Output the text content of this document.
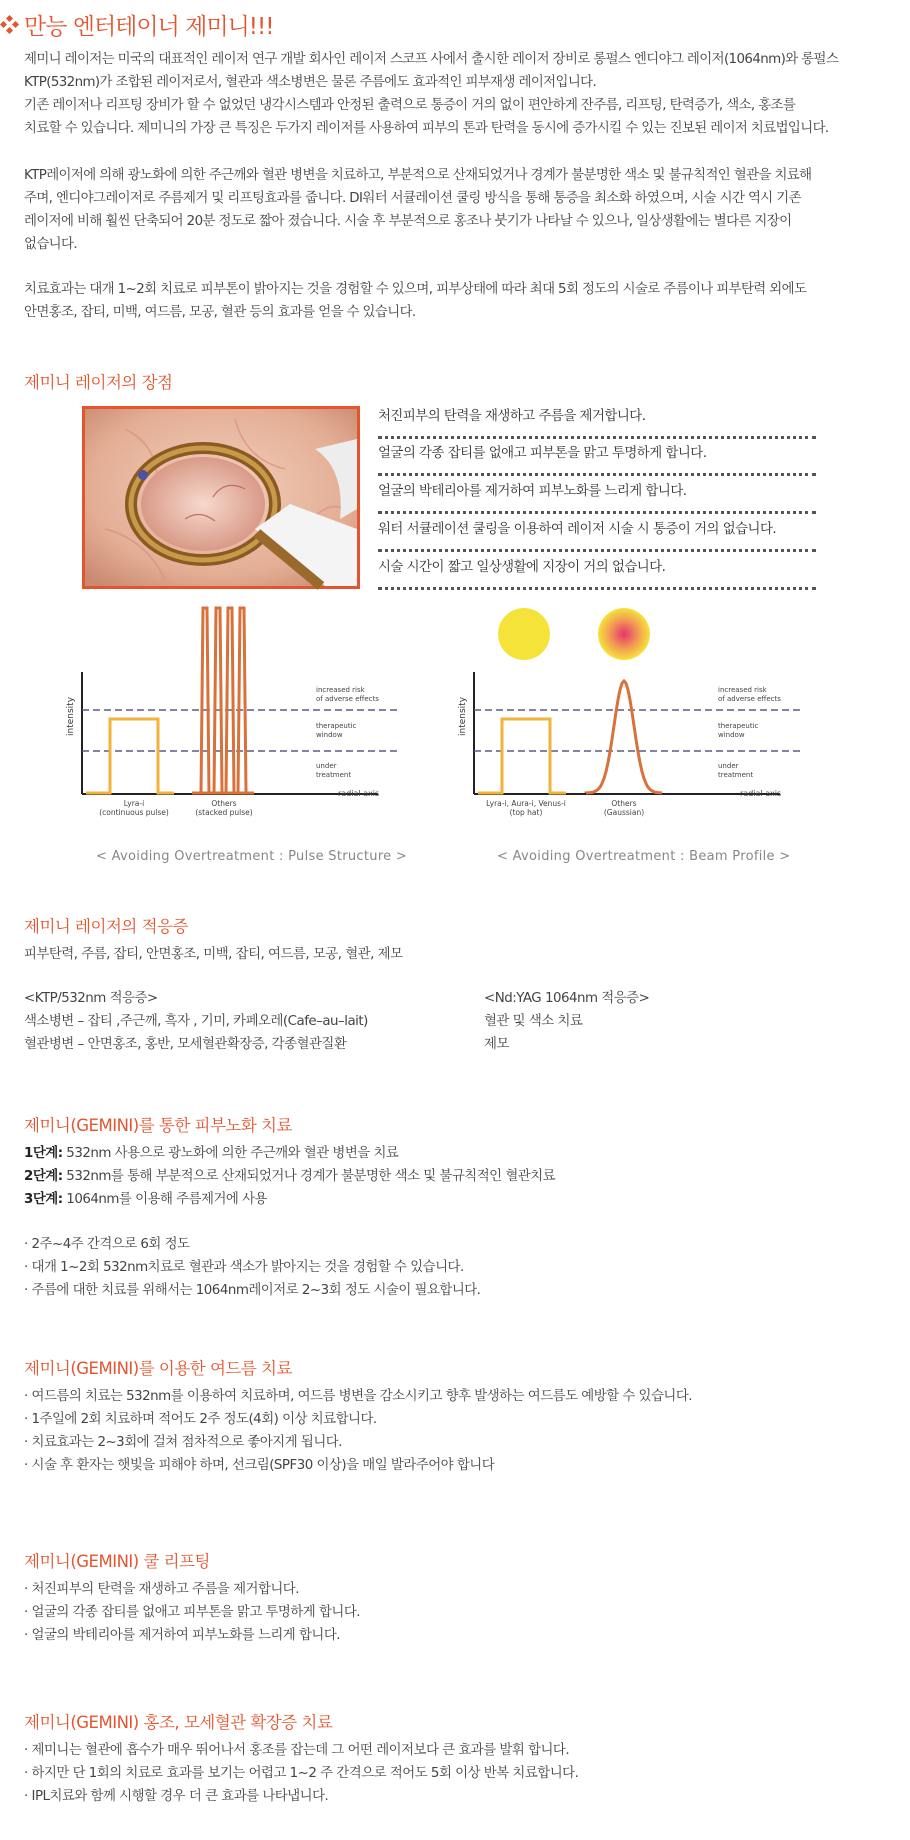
만능 엔터테이너 제미니!!!
제미니 레이저는 미국의 대표적인 레이저 연구 개발 회사인 레이저 스코프 사에서 출시한 레이저 장비로 롱펄스 엔디야그 레이저(1064nm)와 롱펄스
KTP(532nm)가 조합된 레이저로서, 혈관과 색소병변은 물론 주름에도 효과적인 피부재생 레이저입니다.
기존 레이저나 리프팅 장비가 할 수 없었던 냉각시스템과 안정된 출력으로 통증이 거의 없이 편안하게 잔주름, 리프팅, 탄력증가, 색소, 홍조를
치료할 수 있습니다. 제미니의 가장 큰 특징은 두가지 레이저를 사용하여 피부의 톤과 탄력을 동시에 증가시킬 수 있는 진보된 레이저 치료법입니다.
KTP레이저에 의해 광노화에 의한 주근깨와 혈관 병변을 치료하고, 부분적으로 산재되었거나 경계가 불분명한 색소 및 불규칙적인 혈관을 치료해
주며, 엔디야그레이저로 주름제거 및 리프팅효과를 줍니다. DI워터 서큘레이션 쿨링 방식을 통해 통증을 최소화 하였으며, 시술 시간 역시 기존
레이저에 비해 훨씬 단축되어 20분 정도로 짧아 졌습니다. 시술 후 부분적으로 홍조나 붓기가 나타날 수 있으나, 일상생활에는 별다른 지장이
없습니다.
치료효과는 대개 1~2회 치료로 피부톤이 밝아지는 것을 경험할 수 있으며, 피부상태에 따라 최대 5회 정도의 시술로 주름이나 피부탄력 외에도
안면홍조, 잡티, 미백, 여드름, 모공, 혈관 등의 효과를 얻을 수 있습니다.
제미니 레이저의 장점
처진피부의 탄력을 재생하고 주름을 제거합니다.
얼굴의 각종 잡티를 없애고 피부톤을 맑고 투명하게 합니다.
얼굴의 박테리아를 제거하여 피부노화를 느리게 합니다.
워터 서큘레이션 쿨링을 이용하여 레이저 시술 시 통증이 거의 없습니다.
시술 시간이 짧고 일상생활에 지장이 거의 없습니다.
intensity
radial axis
increased risk
of adverse effects
therapeutic
window
under
treatment
Lyra-i
(continuous pulse)
Others
(stacked pulse)
< Avoiding Overtreatment : Pulse Structure >
intensity
radial axis
increased risk
of adverse effects
therapeutic
window
under
treatment
Lyra-i, Aura-i, Venus-i
(top hat)
Others
(Gaussian)
< Avoiding Overtreatment : Beam Profile >
제미니 레이저의 적응증
피부탄력, 주름, 잡티, 안면홍조, 미백, 잡티, 여드름, 모공, 혈관, 제모
<KTP/532nm 적응증>
색소병변 – 잡티 ,주근깨, 흑자 , 기미, 카페오레(Cafe–au–lait)
혈관병변 – 안면홍조, 홍반, 모세혈관확장증, 각종혈관질환
<Nd:YAG 1064nm 적응증>
혈관 및 색소 치료
제모
제미니(GEMINI)를 통한 피부노화 치료
1단계: 532nm 사용으로 광노화에 의한 주근깨와 혈관 병변을 치료
2단계: 532nm를 통해 부분적으로 산재되었거나 경계가 불분명한 색소 및 불규칙적인 혈관치료
3단계: 1064nm를 이용해 주름제거에 사용
· 2주~4주 간격으로 6회 정도
· 대개 1~2회 532nm치료로 혈관과 색소가 밝아지는 것을 경험할 수 있습니다.
· 주름에 대한 치료를 위해서는 1064nm레이저로 2~3회 정도 시술이 필요합니다.
제미니(GEMINI)를 이용한 여드름 치료
· 여드름의 치료는 532nm를 이용하여 치료하며, 여드름 병변을 감소시키고 향후 발생하는 여드름도 예방할 수 있습니다.
· 1주일에 2회 치료하며 적어도 2주 정도(4회) 이상 치료합니다.
· 치료효과는 2~3회에 걸쳐 점차적으로 좋아지게 됩니다.
· 시술 후 환자는 햇빛을 피해야 하며, 선크림(SPF30 이상)을 매일 발라주어야 합니다
제미니(GEMINI) 쿨 리프팅
· 처진피부의 탄력을 재생하고 주름을 제거합니다.
· 얼굴의 각종 잡티를 없애고 피부톤을 맑고 투명하게 합니다.
· 얼굴의 박테리아를 제거하여 피부노화를 느리게 합니다.
제미니(GEMINI) 홍조, 모세혈관 확장증 치료
· 제미니는 혈관에 흡수가 매우 뛰어나서 홍조를 잡는데 그 어떤 레이저보다 큰 효과를 발휘 합니다.
· 하지만 단 1회의 치료로 효과를 보기는 어렵고 1~2 주 간격으로 적어도 5회 이상 반복 치료합니다.
· IPL치료와 함께 시행할 경우 더 큰 효과를 나타냅니다.
